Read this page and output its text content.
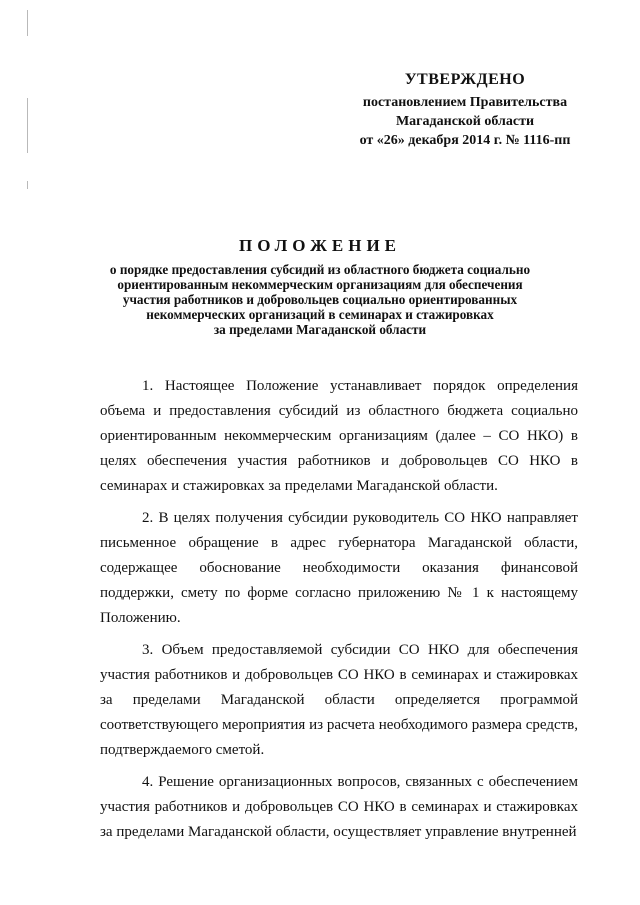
УТВЕРЖДЕНО
постановлением Правительства
Магаданской области
от «26» декабря 2014 г. № 1116-пп
ПОЛОЖЕНИЕ
о порядке предоставления субсидий из областного бюджета социально
ориентированным некоммерческим организациям для обеспечения
участия работников и добровольцев социально ориентированных
некоммерческих организаций в семинарах и стажировках
за пределами Магаданской области

1. Настоящее Положение устанавливает порядок определения объема и предоставления субсидий из областного бюджета социально ориентированным некоммерческим организациям (далее – СО НКО) в целях обеспечения участия работников и добровольцев СО НКО в семинарах и стажировках за пределами Магаданской области.

2. В целях получения субсидии руководитель СО НКО направляет письменное обращение в адрес губернатора Магаданской области, содержащее обоснование необходимости оказания финансовой поддержки, смету по форме согласно приложению № 1 к настоящему Положению.

3. Объем предоставляемой субсидии СО НКО для обеспечения участия работников и добровольцев СО НКО в семинарах и стажировках за пределами Магаданской области определяется программой соответствующего мероприятия из расчета необходимого размера средств, подтверждаемого сметой.

4. Решение организационных вопросов, связанных с обеспечением участия работников и добровольцев СО НКО в семинарах и стажировках за пределами Магаданской области, осуществляет управление внутренней
